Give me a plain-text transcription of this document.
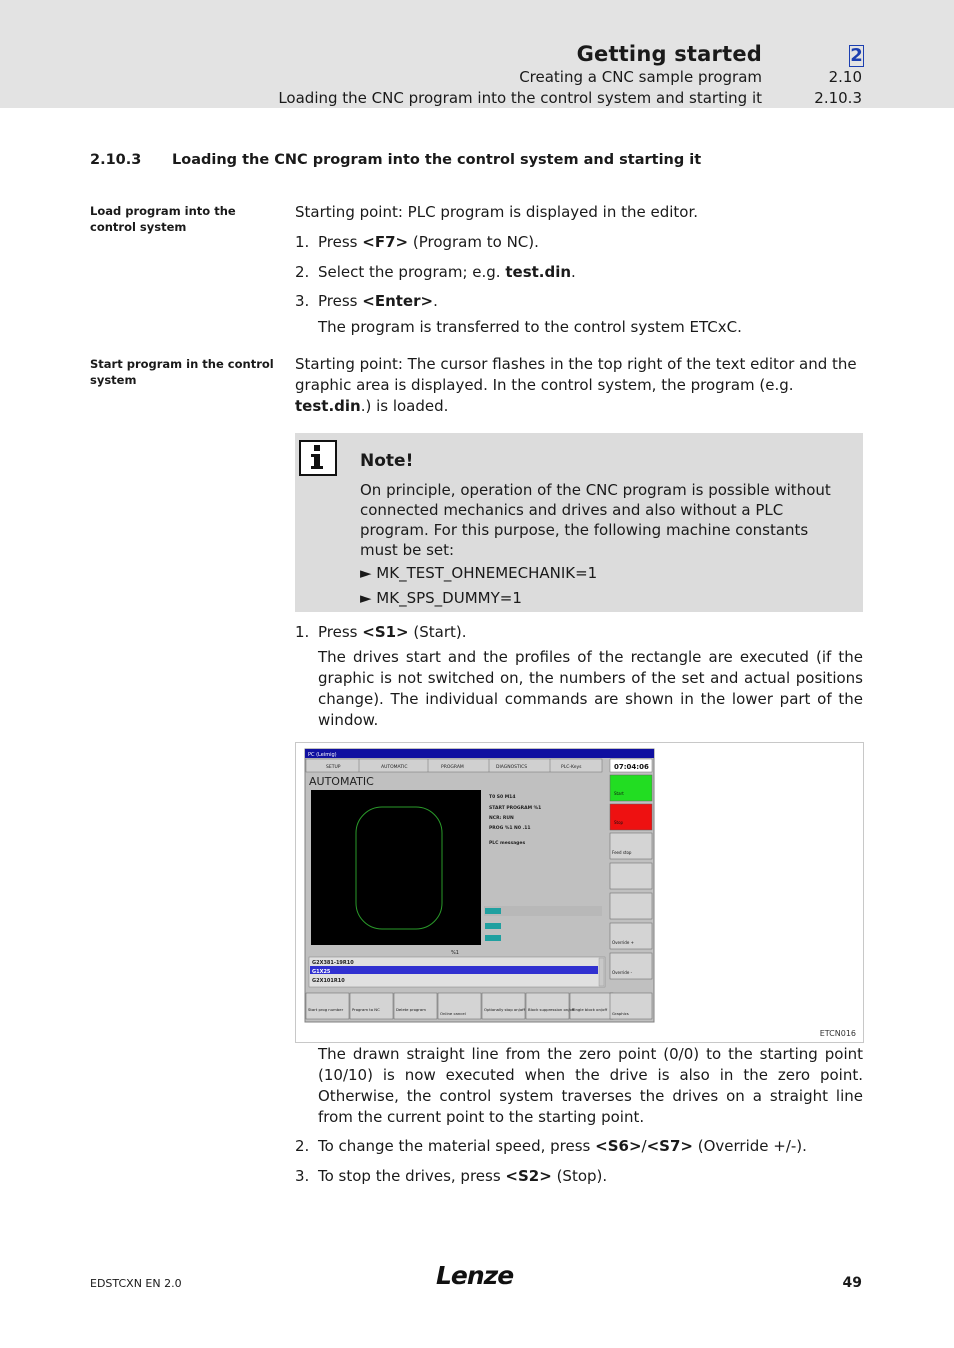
Getting started	2
Creating a CNC sample program	2.10
Loading the CNC program into the control system and starting it	2.10.3
2.10.3 Loading the CNC program into the control system and starting it
Load program into the control system
Starting point: PLC program is displayed in the editor.
1. Press <F7> (Program to NC).
2. Select the program; e.g. test.din.
3. Press <Enter>.
The program is transferred to the control system ETCxC.
Start program in the control system
Starting point: The cursor flashes in the top right of the text editor and the graphic area is displayed. In the control system, the program (e.g. test.din.) is loaded.
Note!
On principle, operation of the CNC program is possible without connected mechanics and drives and also without a PLC program. For this purpose, the following machine constants must be set:
► MK_TEST_OHNEMECHANIK=1
► MK_SPS_DUMMY=1
1. Press <S1> (Start).
The drives start and the profiles of the rectangle are executed (if the graphic is not switched on, the numbers of the set and actual positions change). The individual commands are shown in the lower part of the window.
PC (Leimig)
SETUP	AUTOMATIC	PROGRAM	DIAGNOSTICS	PLC-Keys	07:04:06
AUTOMATIC
T0 S0 M14
START PROGRAM %1
NCR: RUN
PROG %1 N0 .11
PLC messages
%1
G2X381-19R10
G1X25
G2X101R10
Start
Stop
Feed stop
Override +
Override -
Start prog number Program to NC	Delete program
Online cancel
Optionally stop on/off Block suppression on/off
Single block on/off
Graphics
ETCN016
The drawn straight line from the zero point (0/0) to the starting point (10/10) is now executed when the drive is also in the zero point. Otherwise, the control system traverses the drives on a straight line from the current point to the starting point.
2. To change the material speed, press <S6>/<S7> (Override +/-).
3. To stop the drives, press <S2> (Stop).
EDSTCXN EN 2.0	Lenze	49
